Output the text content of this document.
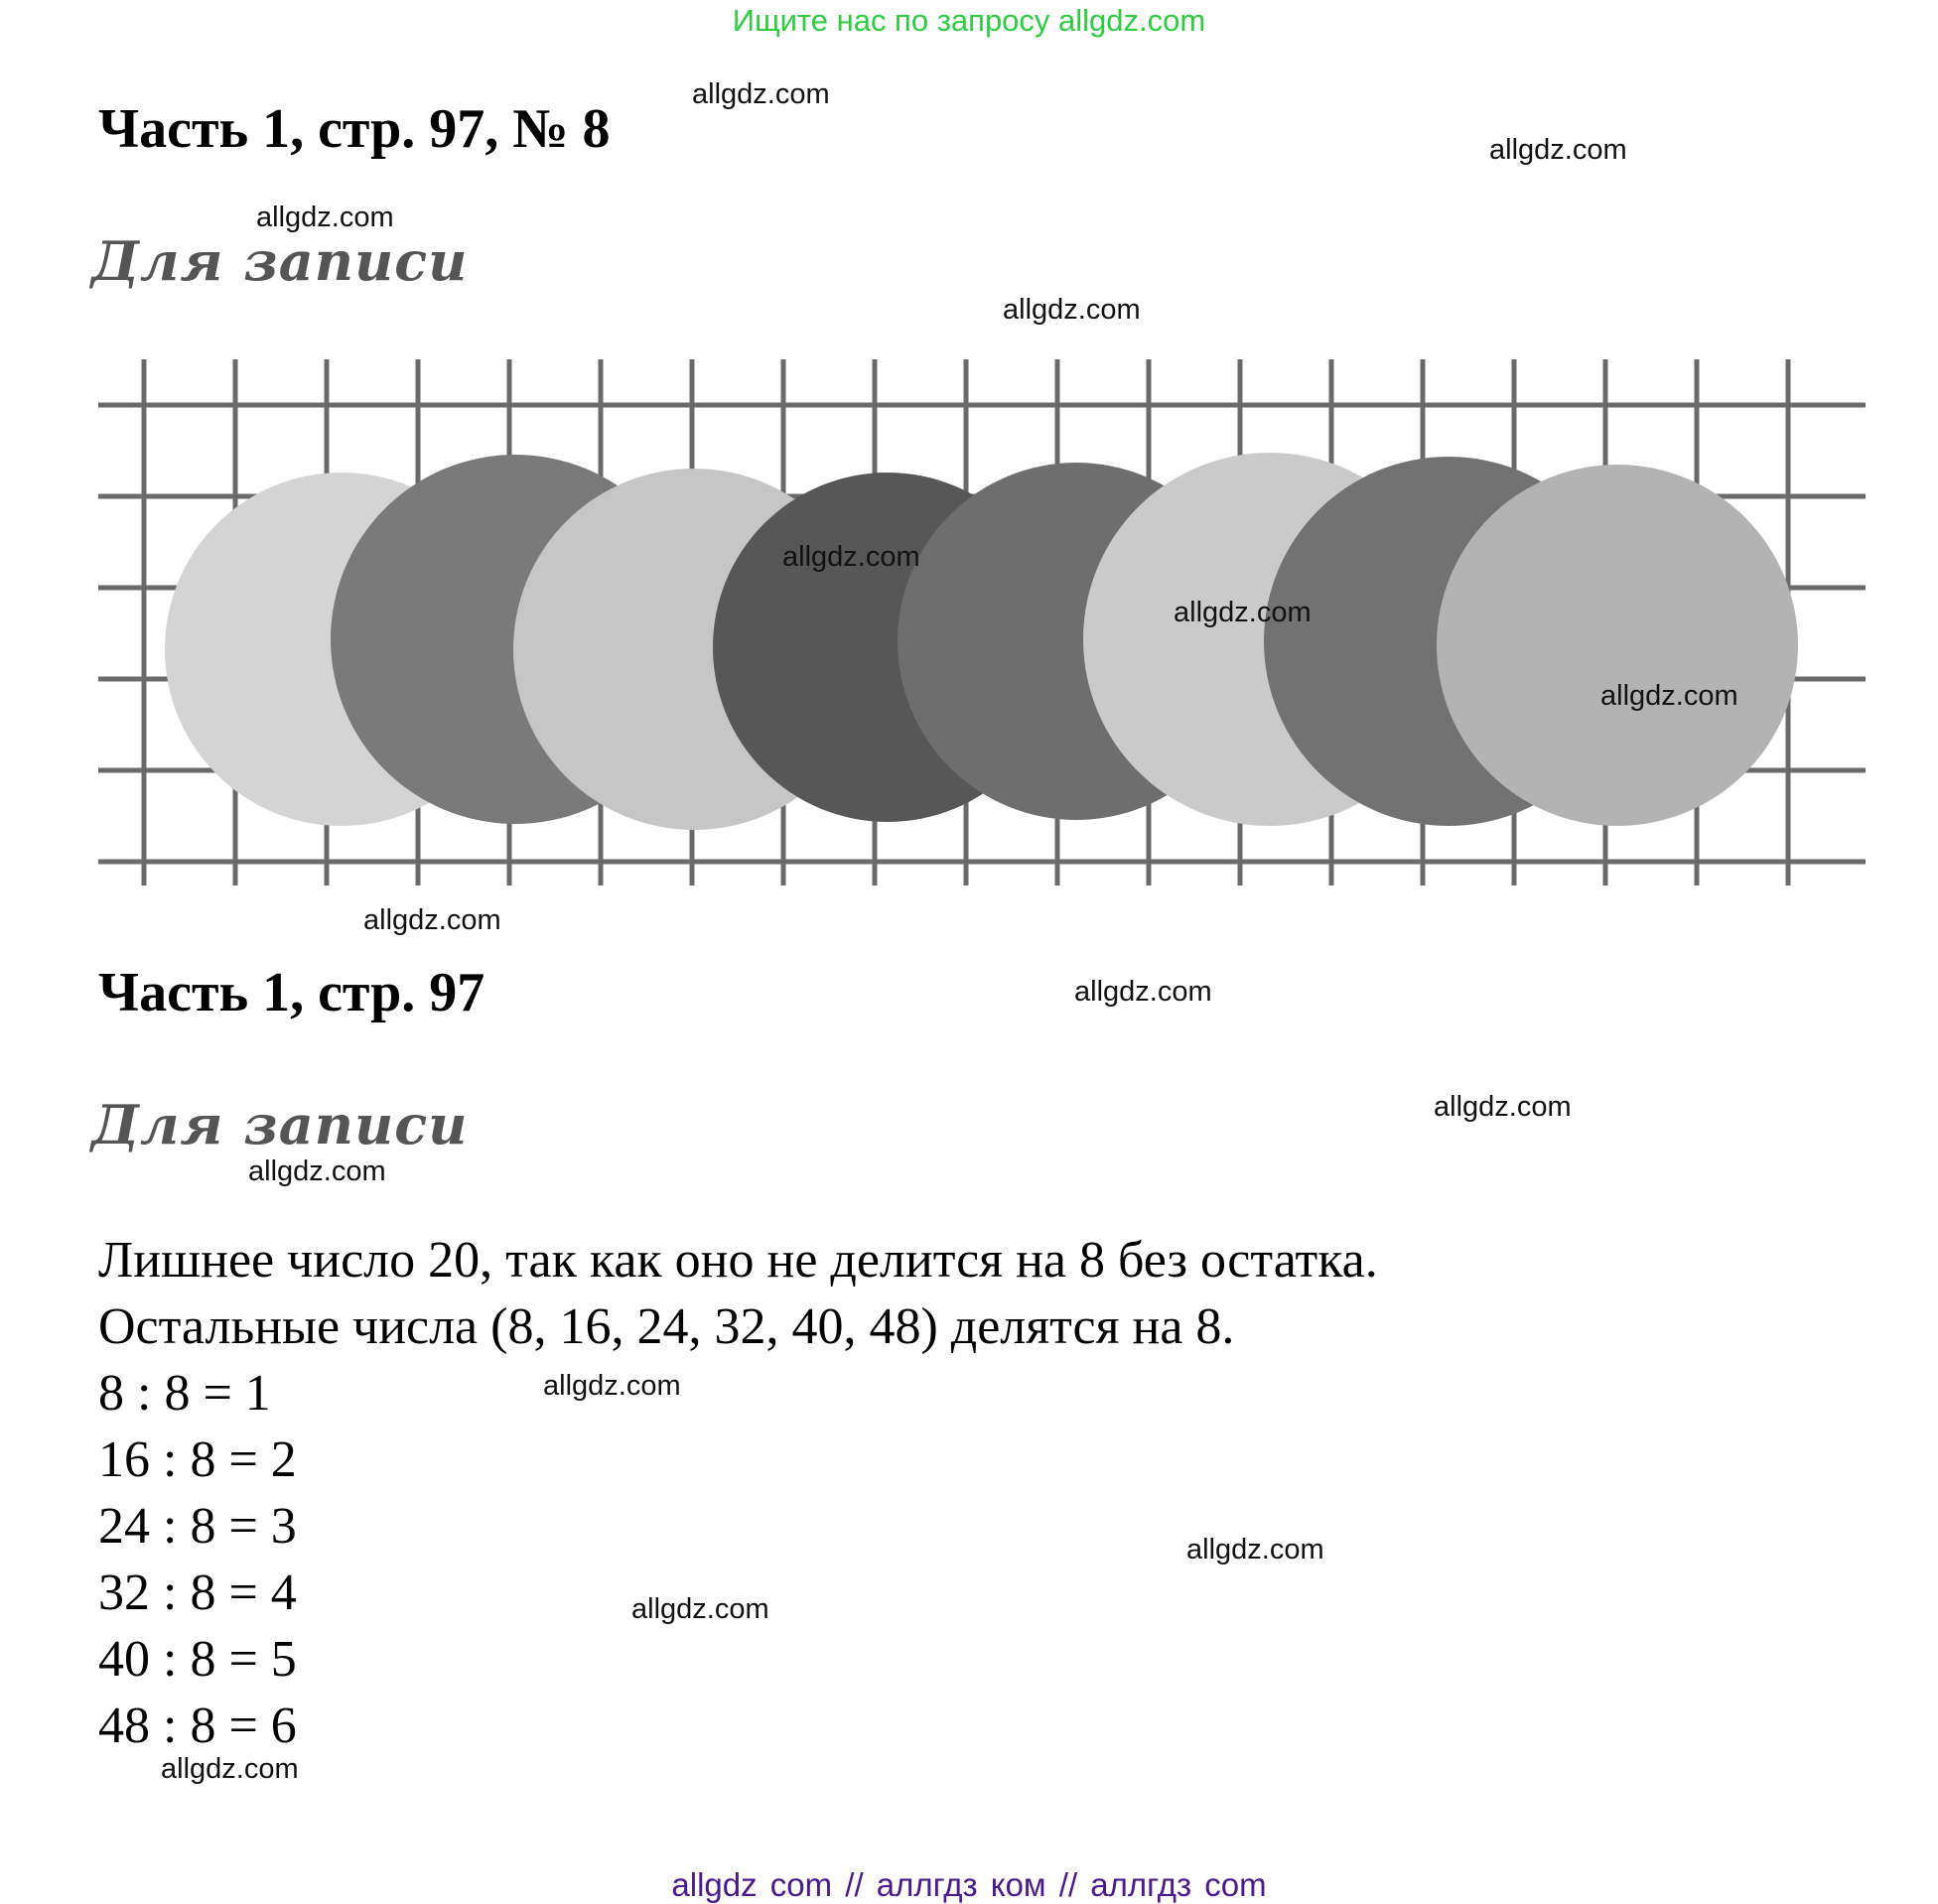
Ищите нас по запросу allgdz.com
Часть 1, стр. 97, № 8
Для записи
Часть 1, стр. 97
Для записи
Лишнее число 20, так как оно не делится на 8 без остатка.
Остальные числа (8, 16, 24, 32, 40, 48) делятся на 8.
8 : 8 = 1
16 : 8 = 2
24 : 8 = 3
32 : 8 = 4
40 : 8 = 5
48 : 8 = 6
allgdz.com
allgdz.com
allgdz.com
allgdz.com
allgdz.com
allgdz.com
allgdz.com
allgdz.com
allgdz.com
allgdz.com
allgdz.com
allgdz.com
allgdz.com
allgdz.com
allgdz.com
allgdz com // аллгдз ком // аллгдз com
